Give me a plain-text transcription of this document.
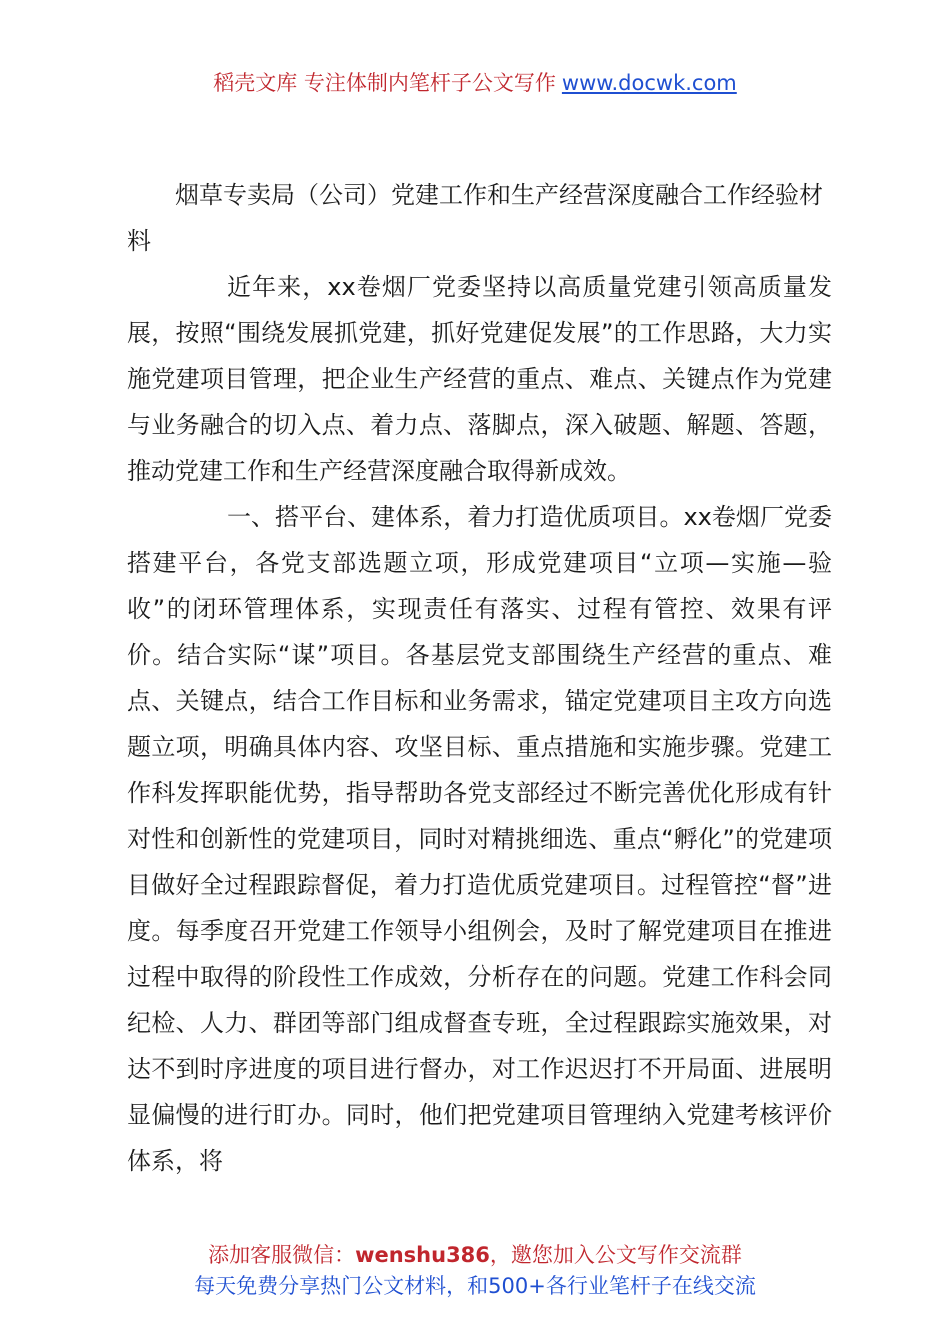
稻壳文库 专注体制内笔杆子公文写作 www.docwk.com
烟草专卖局（公司）党建工作和生产经营深度融合工作经验材料

近年来，xx卷烟厂党委坚持以高质量党建引领高质量发展，按照“围绕发展抓党建，抓好党建促发展”的工作思路，大力实施党建项目管理，把企业生产经营的重点、难点、关键点作为党建与业务融合的切入点、着力点、落脚点，深入破题、解题、答题，推动党建工作和生产经营深度融合取得新成效。

一、搭平台、建体系，着力打造优质项目。xx卷烟厂党委搭建平台，各党支部选题立项，形成党建项目“立项—实施—验收”的闭环管理体系，实现责任有落实、过程有管控、效果有评价。结合实际“谋”项目。各基层党支部围绕生产经营的重点、难点、关键点，结合工作目标和业务需求，锚定党建项目主攻方向选题立项，明确具体内容、攻坚目标、重点措施和实施步骤。党建工作科发挥职能优势，指导帮助各党支部经过不断完善优化形成有针对性和创新性的党建项目，同时对精挑细选、重点“孵化”的党建项目做好全过程跟踪督促，着力打造优质党建项目。过程管控“督”进度。每季度召开党建工作领导小组例会，及时了解党建项目在推进过程中取得的阶段性工作成效，分析存在的问题。党建工作科会同纪检、人力、群团等部门组成督查专班，全过程跟踪实施效果，对达不到时序进度的项目进行督办，对工作迟迟打不开局面、进展明显偏慢的进行盯办。同时，他们把党建项目管理纳入党建考核评价体系，将

添加客服微信：wenshu386，邀您加入公文写作交流群
每天免费分享热门公文材料，和500+各行业笔杆子在线交流
